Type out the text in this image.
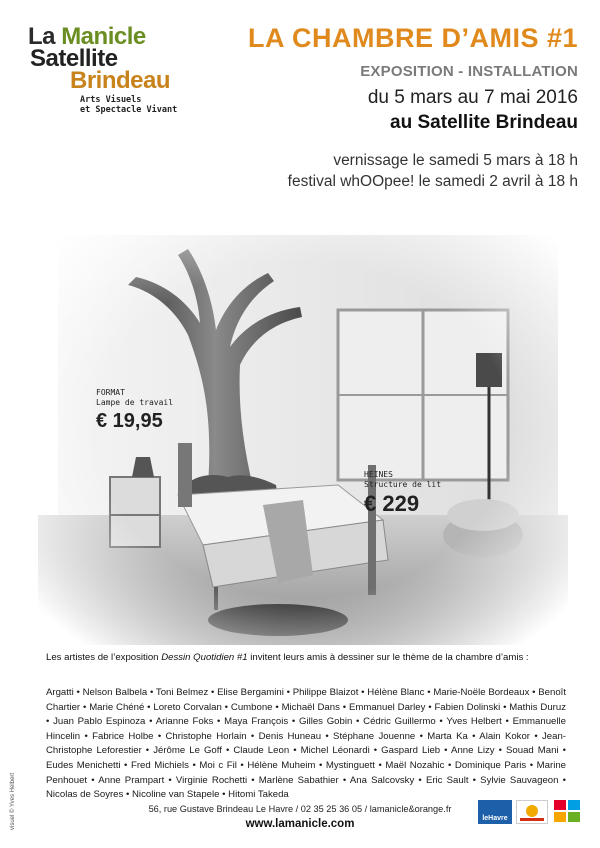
La Manicle
Satellite
Brindeau
Arts Visuels
et Spectacle Vivant
LA CHAMBRE D’AMIS #1
EXPOSITION - INSTALLATION
du 5 mars au 7 mai 2016
au Satellite Brindeau
vernissage le samedi 5 mars à 18 h
festival whOOpee! le samedi 2 avril à 18 h
FORMAT
Lampe de travail
€ 19,95
HEINES
Structure de lit
€ 229
Les artistes de l’exposition Dessin Quotidien #1 invitent leurs amis à dessiner sur le thème de la chambre d’amis :
Argatti • Nelson Balbela • Toni Belmez • Elise Bergamini • Philippe Blaizot • Hélène Blanc • Marie-Noële Bordeaux • Benoît Chartier • Marie Chéné • Loreto Corvalan • Cumbone • Michaël Dans • Emmanuel Darley • Fabien Dolinski • Mathis Duruz • Juan Pablo Espinoza • Arianne Foks • Maya François • Gilles Gobin • Cédric Guillermo • Yves Helbert • Emmanuelle Hincelin • Fabrice Holbe • Christophe Horlain • Denis Huneau • Stéphane Jouenne • Marta Ka • Alain Kokor • Jean-Christophe Leforestier • Jérôme Le Goff • Claude Leon • Michel Léonardi • Gaspard Lieb • Anne Lizy • Souad Mani • Eudes Menichetti • Fred Michiels • Moi c Fil • Hélène Muheim • Mystinguett • Maël Nozahic • Dominique Paris • Marine Penhouet • Anne Prampart • Virginie Rochetti • Marlène Sabathier • Ana Salcovsky • Eric Sault • Sylvie Sauvageon • Nicolas de Soyres • Nicoline van Stapele • Hitomi Takeda
visuel © Yves Helbert	56, rue Gustave Brindeau Le Havre / 02 35 25 36 05 / lamanicle&orange.fr
www.lamanicle.com	leHavre
